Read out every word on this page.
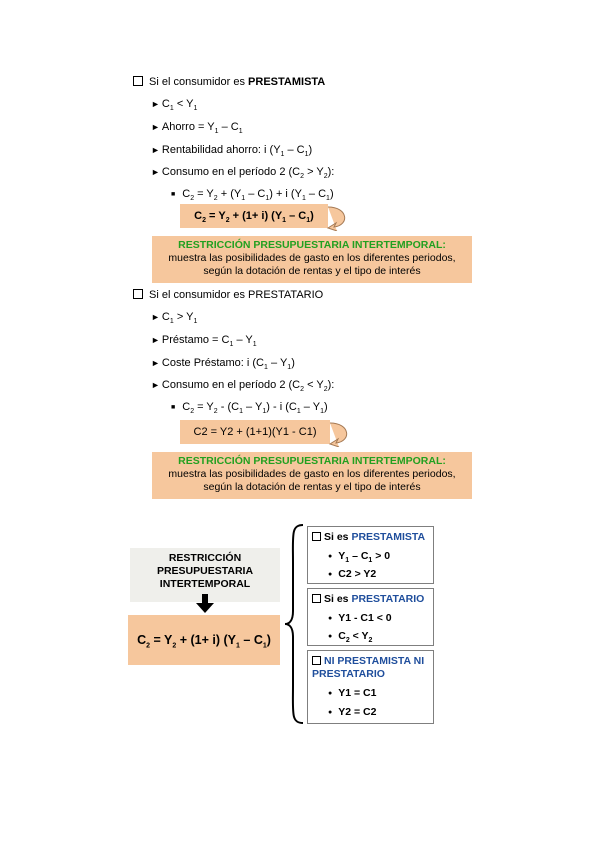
Si el consumidor es PRESTAMISTA
► $C_1 < Y_1$
► Ahorro = $Y_1 - C_1$
► Rentabilidad ahorro: i $(Y_1 - C_1)$
► Consumo en el período 2 $(C_2 > Y_2)$:
■ $C_2 = Y_2 + (Y_1 - C_1) + i$ $(Y_1 - C_1)$
$C_2 = Y_2 + (1+ i)$ $(Y_1 - C_1)$
RESTRICCIÓN PRESUPUESTARIA INTERTEMPORAL:
muestra las posibilidades de gasto en los diferentes periodos,
según la dotación de rentas y el tipo de interés
Si el consumidor es PRESTATARIO
► $C_1 > Y_1$
► Préstamo = $C_1 - Y_1$
► Coste Préstamo: i $(C_1 - Y_1)$
► Consumo en el período 2 $(C_2 < Y_2)$:
■ $C_2 = Y_2 - (C_1 - Y_1) - i$ $(C_1 - Y_1)$
C2 = Y2 + (1+1)(Y1 - C1)
RESTRICCIÓN PRESUPUESTARIA INTERTEMPORAL:
muestra las posibilidades de gasto en los diferentes periodos,
según la dotación de rentas y el tipo de interés
RESTRICCIÓN
PRESUPUESTARIA
INTERTEMPORAL
$C_2 = Y_2 + (1+ i)$ $(Y_1 - C_1)$
Si es PRESTAMISTA
● $Y_1 - C_1 > 0$
● C2 > Y2
Si es PRESTATARIO
● Y1 - C1 < 0
● $C_2 < Y_2$
NI PRESTAMISTA NI
PRESTATARIO
● Y1 = C1
● Y2 = C2
